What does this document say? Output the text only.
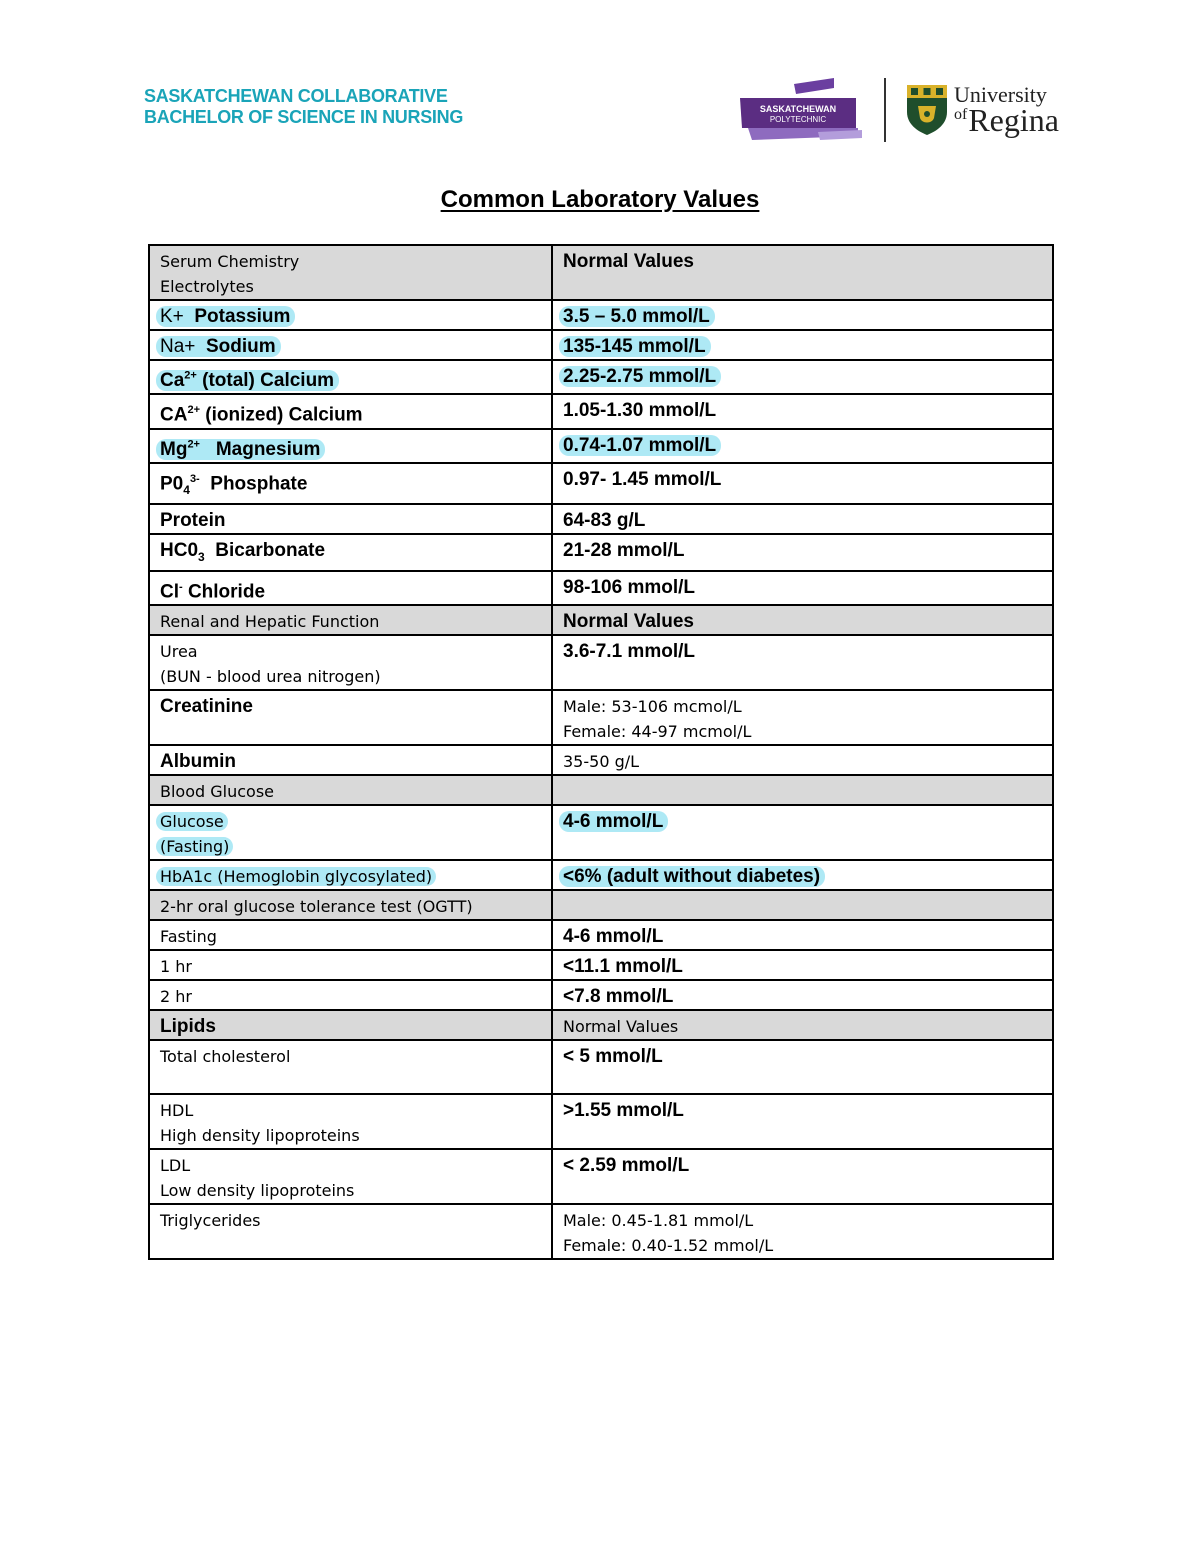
SASKATCHEWAN COLLABORATIVE
BACHELOR OF SCIENCE IN NURSING	SASKATCHEWAN
POLYTECHNIC
University
ofRegina
Common Laboratory Values
Serum Chemistry
Electrolytes	Normal Values
K+ Potassium	3.5 – 5.0 mmol/L
Na+ Sodium	135-145 mmol/L
$Ca^{2+}$ (total) Calcium	2.25-2.75 mmol/L
$CA^{2+}$ (ionized) Calcium	1.05-1.30 mmol/L
$Mg^{2+}$ Magnesium	0.74-1.07 mmol/L
$P0_4^{3-}$ Phosphate	0.97- 1.45 mmol/L
Protein	64-83 g/L
$HC0_3$ Bicarbonate	21-28 mmol/L
Cl- Chloride	98-106 mmol/L
Renal and Hepatic Function	Normal Values

Urea
(BUN - blood urea nitrogen)	3.6-7.1 mmol/L
Creatinine	Male: 53-106 mcmol/L
Female: 44-97 mcmol/L

Albumin	35-50 g/L
Blood Glucose	

Glucose
(Fasting)	4-6 mmol/L
HbA1c (Hemoglobin glycosylated)	<6% (adult without diabetes)
2-hr oral glucose tolerance test (OGTT)	
Fasting	4-6 mmol/L
1 hr	<11.1 mmol/L
2 hr	<7.8 mmol/L
Lipids	Normal Values
Total cholesterol	< 5 mmol/L

HDL
High density lipoproteins	>1.55 mmol/L

LDL
Low density lipoproteins	< 2.59 mmol/L
Triglycerides	Male: 0.45-1.81 mmol/L
Female: 0.40-1.52 mmol/L
